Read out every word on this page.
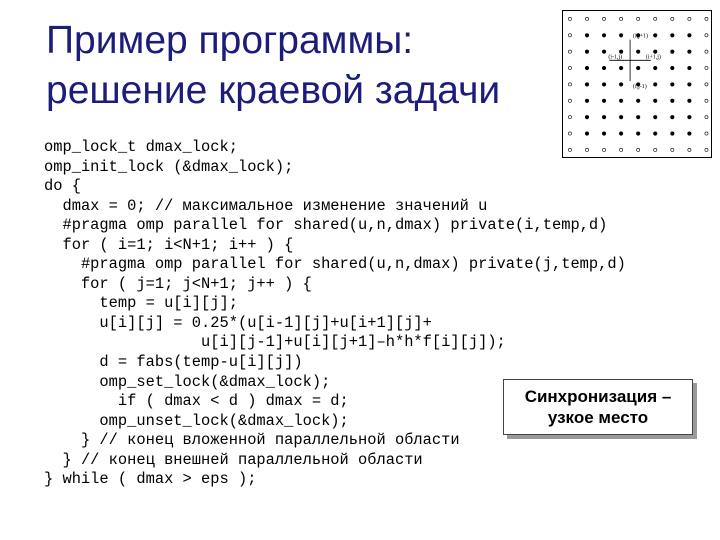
Пример программы:
решение краевой задачи
(i,j+1)
(i-1,j)	(i+1,j)
(i,j-1)
omp_lock_t dmax_lock;
omp_init_lock (&dmax_lock);
do {
dmax = 0; // максимальное изменение значений u
#pragma omp parallel for shared(u,n,dmax) private(i,temp,d)
for ( i=1; i<N+1; i++ ) {
#pragma omp parallel for shared(u,n,dmax) private(j,temp,d)
for ( j=1; j<N+1; j++ ) {
temp = u[i][j];
u[i][j] = 0.25*(u[i-1][j]+u[i+1][j]+
u[i][j-1]+u[i][j+1]–h*h*f[i][j]);
d = fabs(temp-u[i][j])
omp_set_lock(&dmax_lock);
if ( dmax < d ) dmax = d;
omp_unset_lock(&dmax_lock);
} // конец вложенной параллельной области
} // конец внешней параллельной области
} while ( dmax > eps );
Синхронизация –
узкое место
